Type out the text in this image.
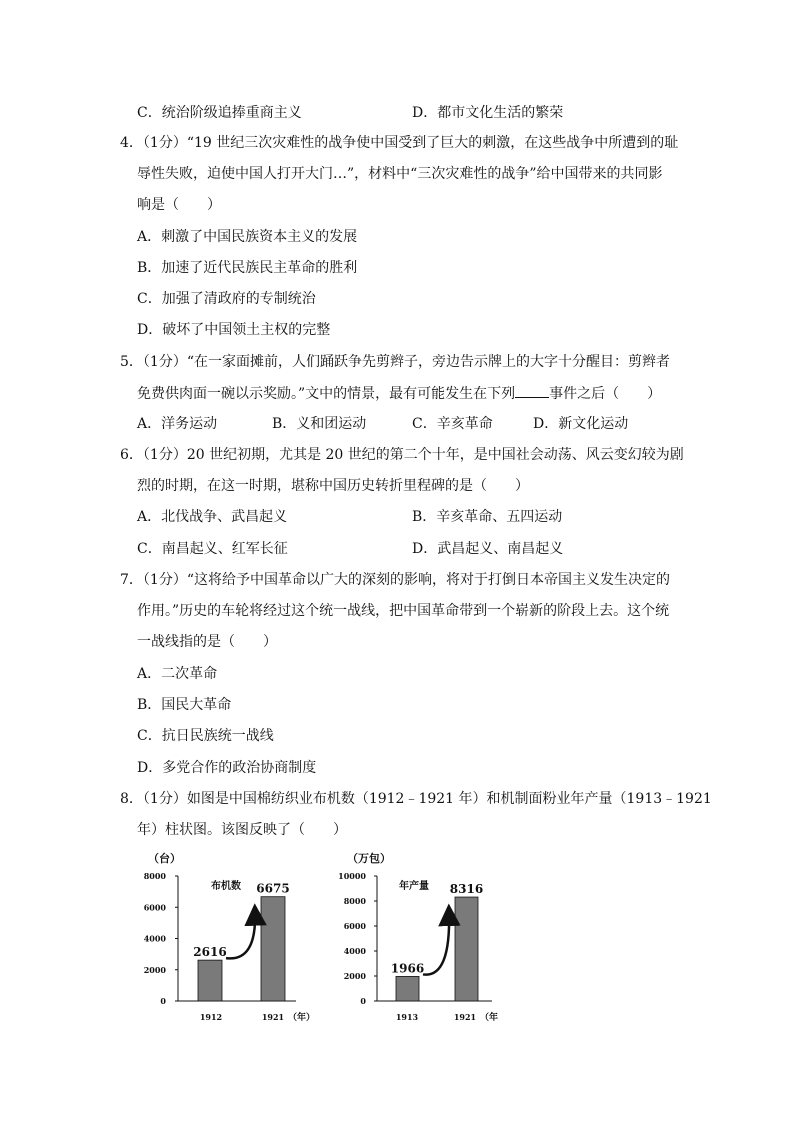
C．统治阶级追捧重商主义	D．都市文化生活的繁荣
4．（1分）“19 世纪三次灾难性的战争使中国受到了巨大的刺激，在这些战争中所遭到的耻
辱性失败，迫使中国人打开大门…”，材料中“三次灾难性的战争”给中国带来的共同影
响是（　　）
A．刺激了中国民族资本主义的发展
B．加速了近代民族民主革命的胜利
C．加强了清政府的专制统治
D．破坏了中国领土主权的完整
5．（1分）“在一家面摊前，人们踊跃争先剪辫子，旁边告示牌上的大字十分醒目：剪辫者
免费供肉面一碗以示奖励。”文中的情景，最有可能发生在下列 事件之后（　　）
A．洋务运动	B．义和团运动	C．辛亥革命	D．新文化运动
6．（1分）20 世纪初期，尤其是 20 世纪的第二个十年，是中国社会动荡、风云变幻较为剧
烈的时期，在这一时期，堪称中国历史转折里程碑的是（　　）
A．北伐战争、武昌起义	B．辛亥革命、五四运动
C．南昌起义、红军长征	D．武昌起义、南昌起义
7．（1分）“这将给予中国革命以广大的深刻的影响，将对于打倒日本帝国主义发生决定的
作用。”历史的车轮将经过这个统一战线，把中国革命带到一个崭新的阶段上去。这个统
一战线指的是（　　）
A．二次革命
B．国民大革命
C．抗日民族统一战线
D．多党合作的政治协商制度
8．（1分）如图是中国棉纺织业布机数（1912﹣1921 年）和机制面粉业年产量（1913﹣1921
年）柱状图。该图反映了（　　）
（台）
8000
6000
4000
2000
0
布机数
2616
1912
6675
1921 （年）
（万包）
10000
8000
6000
4000
2000
0
年产量
1966
1913
8316
1921 （年
